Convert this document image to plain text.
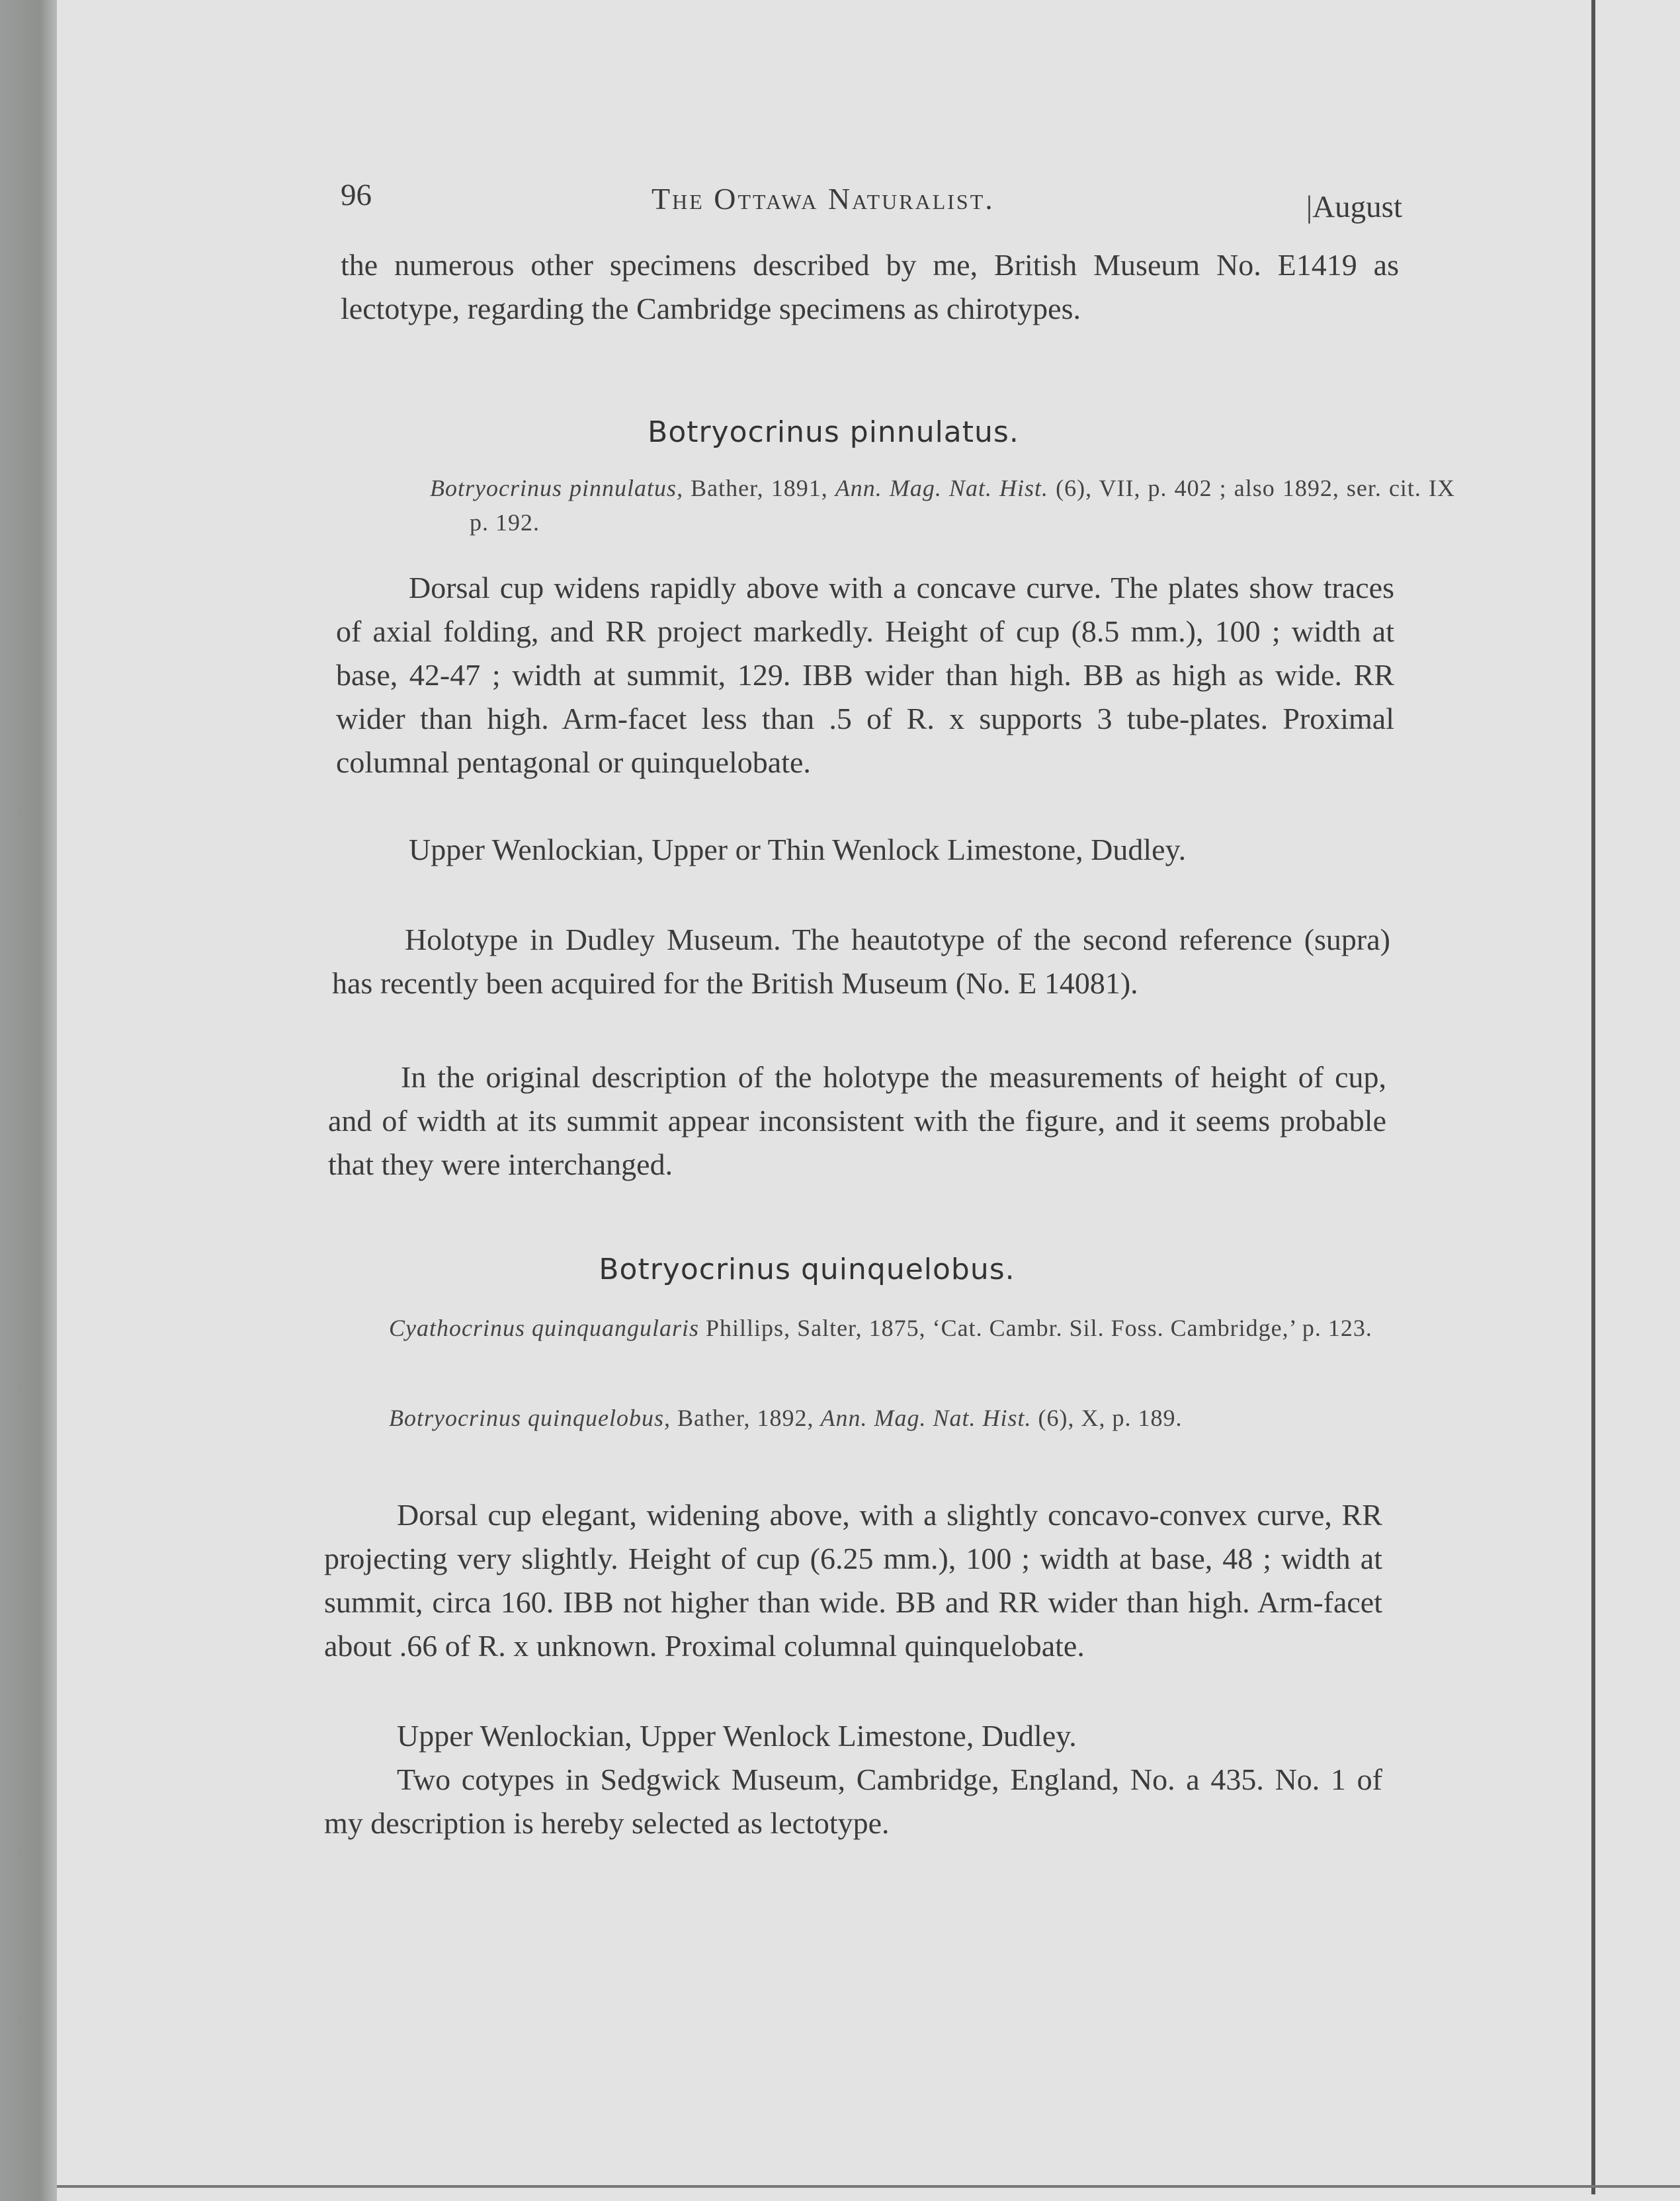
96	The Ottawa Naturalist.	|August

the numerous other specimens described by me, British Museum No. E1419 as lectotype, regarding the Cambridge specimens as chirotypes.

Botryocrinus pinnulatus.

Botryocrinus pinnulatus, Bather, 1891, Ann. Mag. Nat. Hist. (6), VII, p. 402 ; also 1892, ser. cit. IX p. 192.

Dorsal cup widens rapidly above with a concave curve. The plates show traces of axial folding, and RR project markedly. Height of cup (8.5 mm.), 100 ; width at base, 42-47 ; width at summit, 129. IBB wider than high. BB as high as wide. RR wider than high. Arm-facet less than .5 of R. x supports 3 tube-plates. Proximal columnal pentagonal or quinquelobate.

Upper Wenlockian, Upper or Thin Wenlock Limestone, Dudley.

Holotype in Dudley Museum. The heautotype of the second reference (supra) has recently been acquired for the British Museum (No. E 14081).

In the original description of the holotype the measurements of height of cup, and of width at its summit appear inconsistent with the figure, and it seems probable that they were interchanged.

Botryocrinus quinquelobus.

Cyathocrinus quinquangularis Phillips, Salter, 1875, ‘Cat. Cambr. Sil. Foss. Cambridge,’ p. 123.

Botryocrinus quinquelobus, Bather, 1892, Ann. Mag. Nat. Hist. (6), X, p. 189.

Dorsal cup elegant, widening above, with a slightly concavo-convex curve, RR projecting very slightly. Height of cup (6.25 mm.), 100 ; width at base, 48 ; width at summit, circa 160. IBB not higher than wide. BB and RR wider than high. Arm-facet about .66 of R. x unknown. Proximal columnal quinquelobate.

Upper Wenlockian, Upper Wenlock Limestone, Dudley.

Two cotypes in Sedgwick Museum, Cambridge, England, No. a 435. No. 1 of my description is hereby selected as lectotype.
